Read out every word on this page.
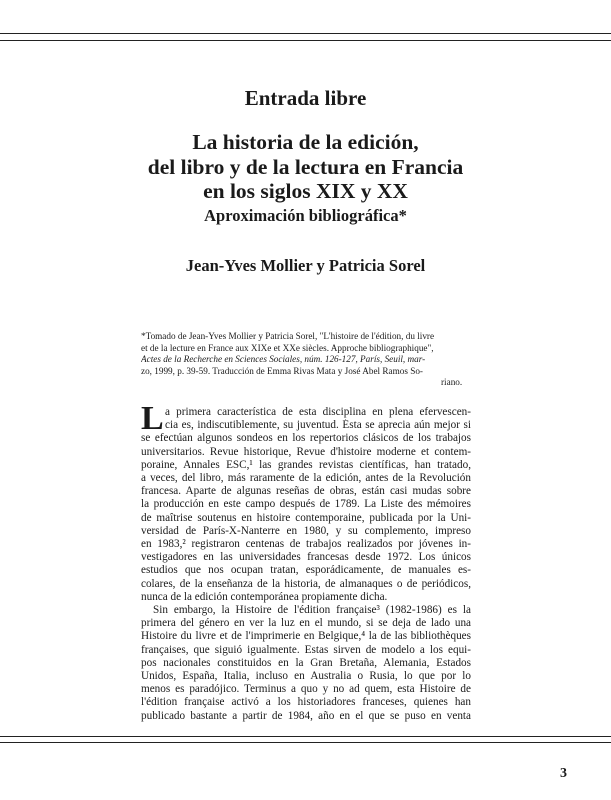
Entrada libre
La historia de la edición,
del libro y de la lectura en Francia
en los siglos XIX y XX
Aproximación bibliográfica*
Jean-Yves Mollier y Patricia Sorel
*Tomado de Jean-Yves Mollier y Patricia Sorel, "L'histoire de l'édition, du livre
et de la lecture en France aux XIXe et XXe siècles. Approche bibliographique",
Actes de la Recherche en Sciences Sociales, núm. 126-127, París, Seuil, mar-
zo, 1999, p. 39-59. Traducción de Emma Rivas Mata y José Abel Ramos So-
riano.
L a primera característica de esta disciplina en plena efervescen-
cia es, indiscutiblemente, su juventud. Ésta se aprecia aún mejor si
se efectúan algunos sondeos en los repertorios clásicos de los trabajos
universitarios. Revue historique, Revue d'histoire moderne et contem-
poraine, Annales ESC,¹ las grandes revistas científicas, han tratado,
a veces, del libro, más raramente de la edición, antes de la Revolución
francesa. Aparte de algunas reseñas de obras, están casi mudas sobre
la producción en este campo después de 1789. La Liste des mémoires
de maîtrise soutenus en histoire contemporaine, publicada por la Uni-
versidad de París-X-Nanterre en 1980, y su complemento, impreso
en 1983,² registraron centenas de trabajos realizados por jóvenes in-
vestigadores en las universidades francesas desde 1972. Los únicos
estudios que nos ocupan tratan, esporádicamente, de manuales es-
colares, de la enseñanza de la historia, de almanaques o de periódicos,
nunca de la edición contemporánea propiamente dicha.
Sin embargo, la Histoire de l'édition française³ (1982-1986) es la
primera del género en ver la luz en el mundo, si se deja de lado una
Histoire du livre et de l'imprimerie en Belgique,⁴ la de las bibliothèques
françaises, que siguió igualmente. Estas sirven de modelo a los equi-
pos nacionales constituidos en la Gran Bretaña, Alemania, Estados
Unidos, España, Italia, incluso en Australia o Rusia, lo que por lo
menos es paradójico. Terminus a quo y no ad quem, esta Histoire de
l'édition française activó a los historiadores franceses, quienes han
publicado bastante a partir de 1984, año en el que se puso en venta
3
